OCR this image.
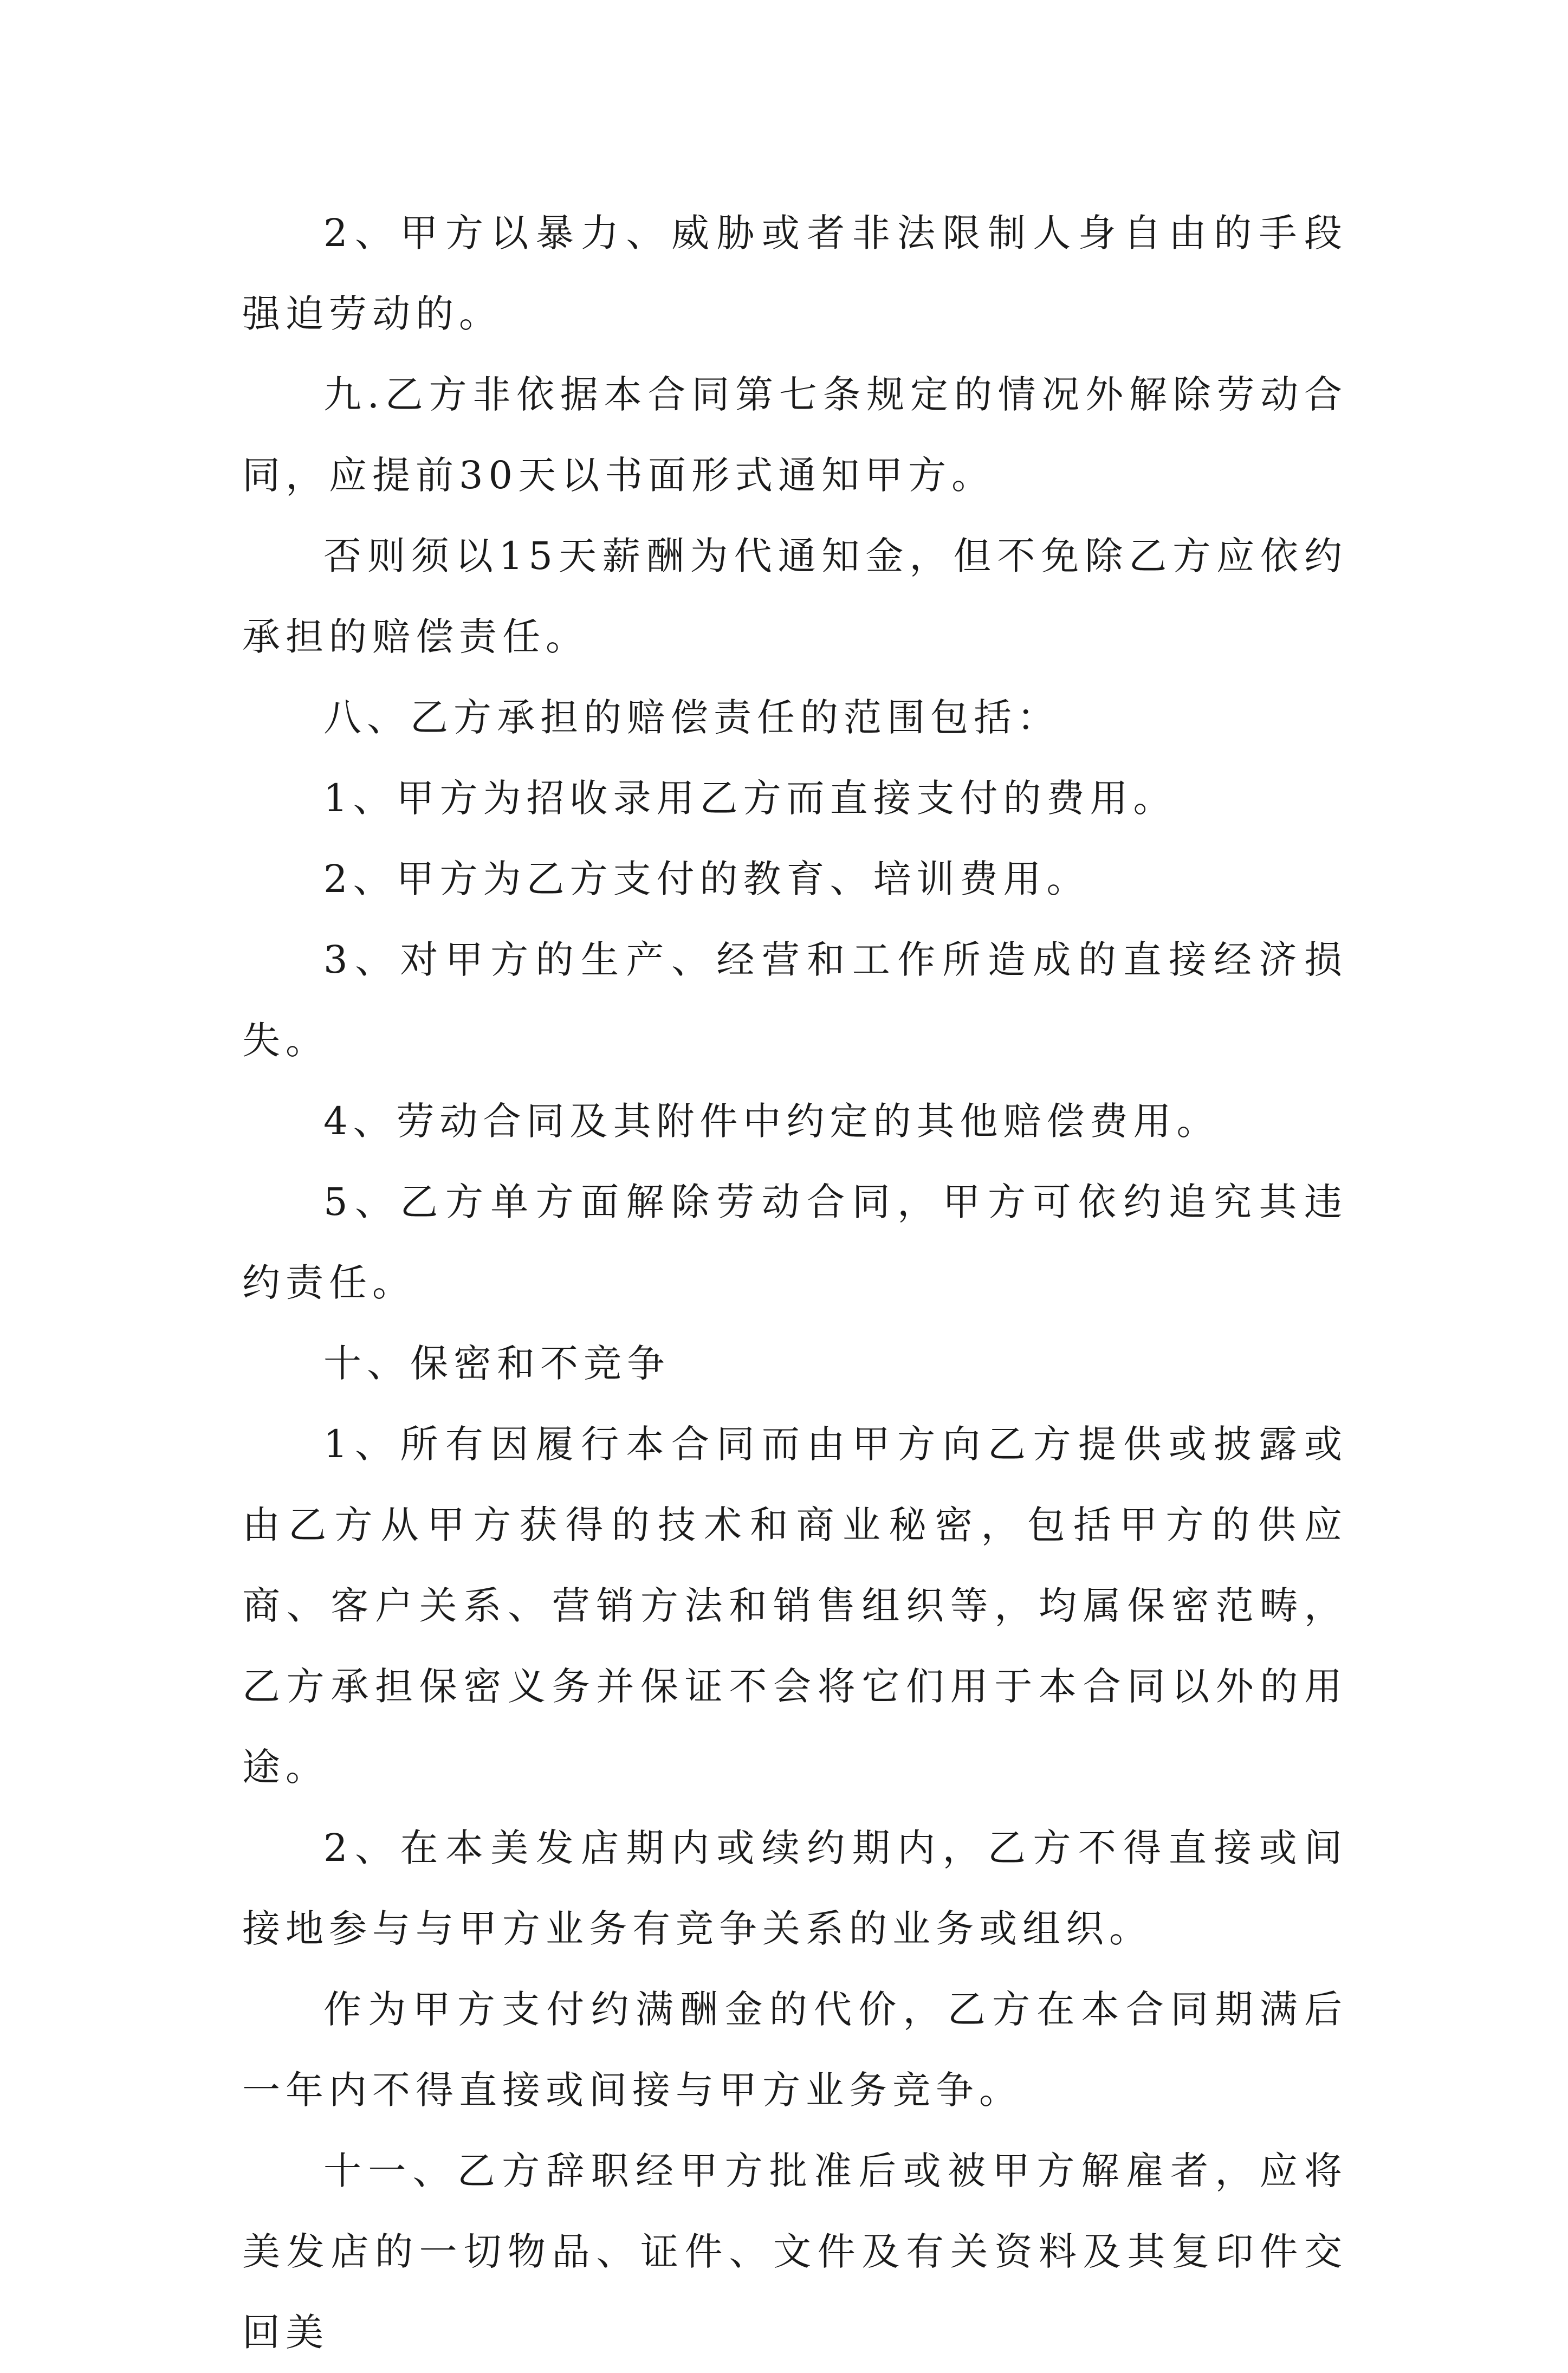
2、甲方以暴力、威胁或者非法限制人身自由的手段强迫劳动的。

九.乙方非依据本合同第七条规定的情况外解除劳动合同，应提前30天以书面形式通知甲方。

否则须以15天薪酬为代通知金，但不免除乙方应依约承担的赔偿责任。

八、乙方承担的赔偿责任的范围包括：

1、甲方为招收录用乙方而直接支付的费用。

2、甲方为乙方支付的教育、培训费用。

3、对甲方的生产、经营和工作所造成的直接经济损失。

4、劳动合同及其附件中约定的其他赔偿费用。

5、乙方单方面解除劳动合同，甲方可依约追究其违约责任。

十、保密和不竞争

1、所有因履行本合同而由甲方向乙方提供或披露或由乙方从甲方获得的技术和商业秘密，包括甲方的供应商、客户关系、营销方法和销售组织等，均属保密范畴，乙方承担保密义务并保证不会将它们用于本合同以外的用途。

2、在本美发店期内或续约期内，乙方不得直接或间接地参与与甲方业务有竞争关系的业务或组织。

作为甲方支付约满酬金的代价，乙方在本合同期满后一年内不得直接或间接与甲方业务竞争。

十一、乙方辞职经甲方批准后或被甲方解雇者，应将美发店的一切物品、证件、文件及有关资料及其复印件交回美
